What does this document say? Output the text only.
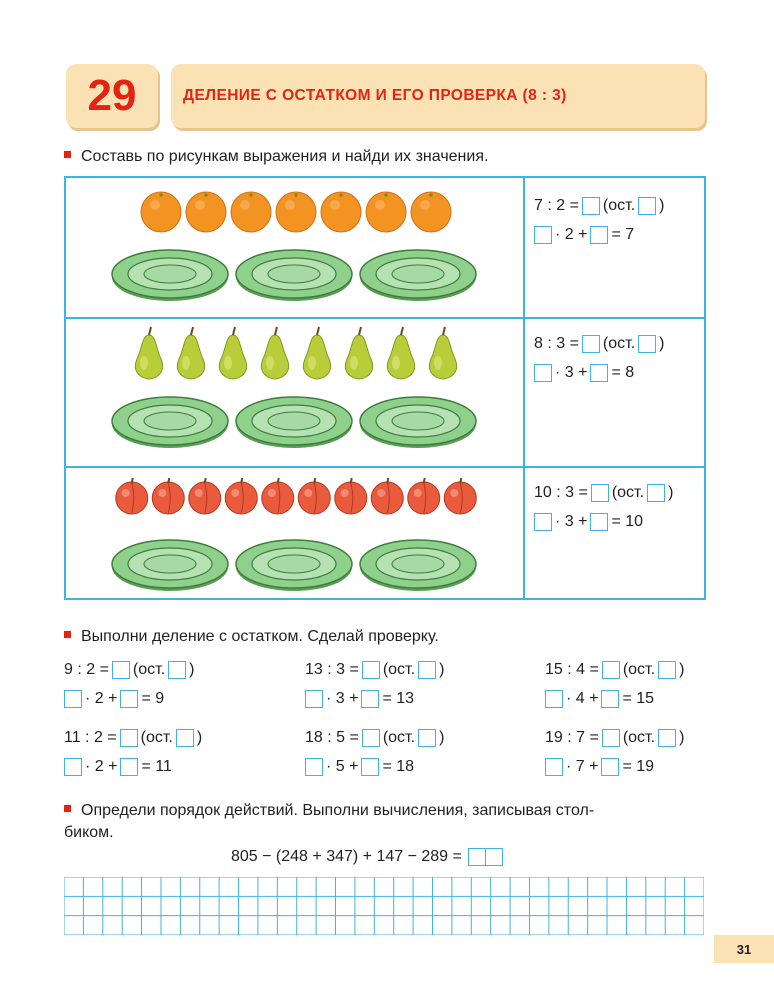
29	ДЕЛЕНИЕ С ОСТАТКОМ И ЕГО ПРОВЕРКА (8 : 3)
Составь по рисункам выражения и найди их значения.
7 : 2 = (ост. )
· 2 + = 7
8 : 3 = (ост. )
· 3 + = 8
10 : 3 = (ост. )
· 3 + = 10
Выполни деление с остатком. Сделай проверку.
9 : 2 = (ост. )
· 2 + = 9
13 : 3 = (ост. )
· 3 + = 13
15 : 4 = (ост. )
· 4 + = 15
11 : 2 = (ост. )
· 2 + = 11
18 : 5 = (ост. )
· 5 + = 18
19 : 7 = (ост. )
· 7 + = 19
Определи порядок действий. Выполни вычисления, записывая стол-
биком.
805 − (248 + 347) + 147 − 289 =
31
